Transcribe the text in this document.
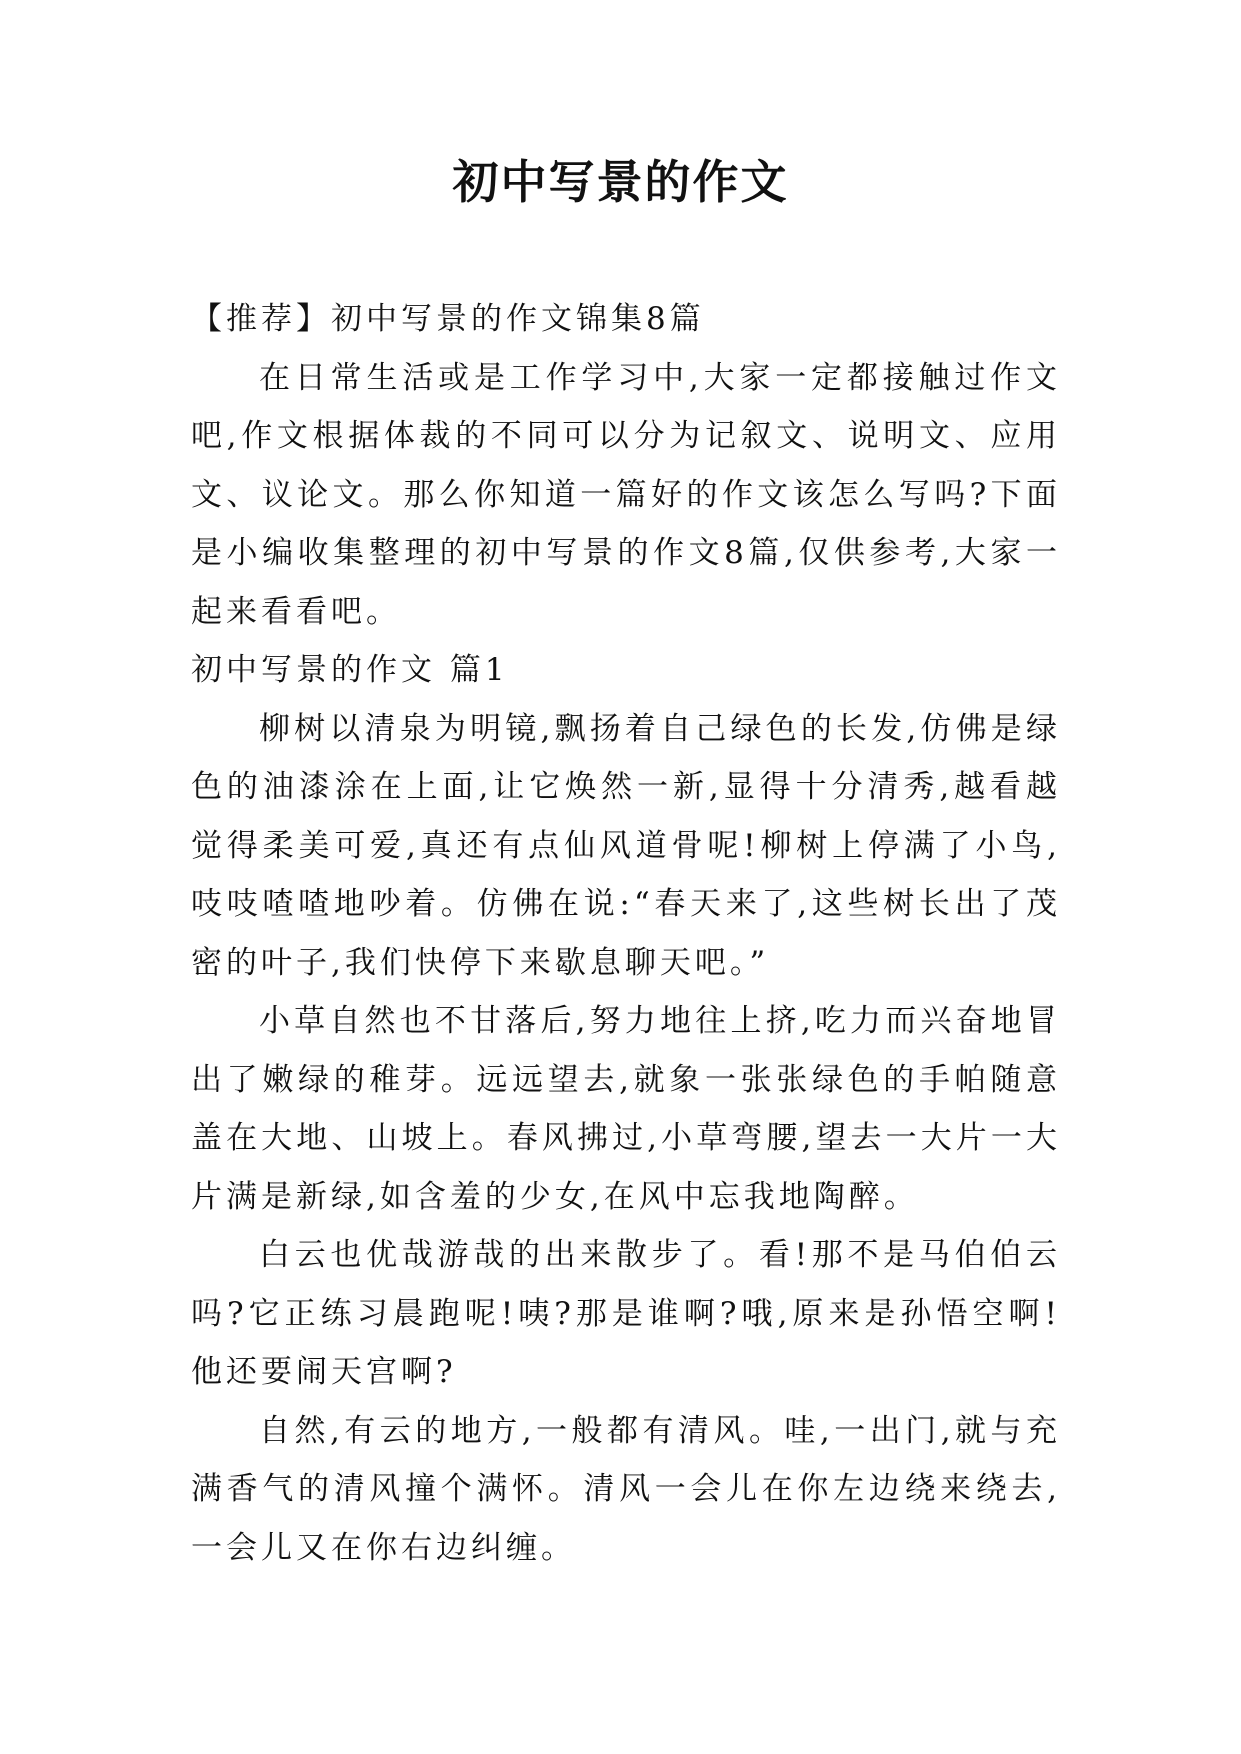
初中写景的作文

【推荐】初中写景的作文锦集8篇

在日常生活或是工作学习中,大家一定都接触过作文吧,作文根据体裁的不同可以分为记叙文、说明文、应用文、议论文。那么你知道一篇好的作文该怎么写吗?下面是小编收集整理的初中写景的作文8篇,仅供参考,大家一起来看看吧。

初中写景的作文 篇1

柳树以清泉为明镜,飘扬着自己绿色的长发,仿佛是绿色的油漆涂在上面,让它焕然一新,显得十分清秀,越看越觉得柔美可爱,真还有点仙风道骨呢!柳树上停满了小鸟,吱吱喳喳地吵着。仿佛在说:“春天来了,这些树长出了茂密的叶子,我们快停下来歇息聊天吧。”

小草自然也不甘落后,努力地往上挤,吃力而兴奋地冒出了嫩绿的稚芽。远远望去,就象一张张绿色的手帕随意盖在大地、山坡上。春风拂过,小草弯腰,望去一大片一大片满是新绿,如含羞的少女,在风中忘我地陶醉。

白云也优哉游哉的出来散步了。看!那不是马伯伯云吗?它正练习晨跑呢!咦?那是谁啊?哦,原来是孙悟空啊!他还要闹天宫啊?

自然,有云的地方,一般都有清风。哇,一出门,就与充满香气的清风撞个满怀。清风一会儿在你左边绕来绕去,一会儿又在你右边纠缠。
